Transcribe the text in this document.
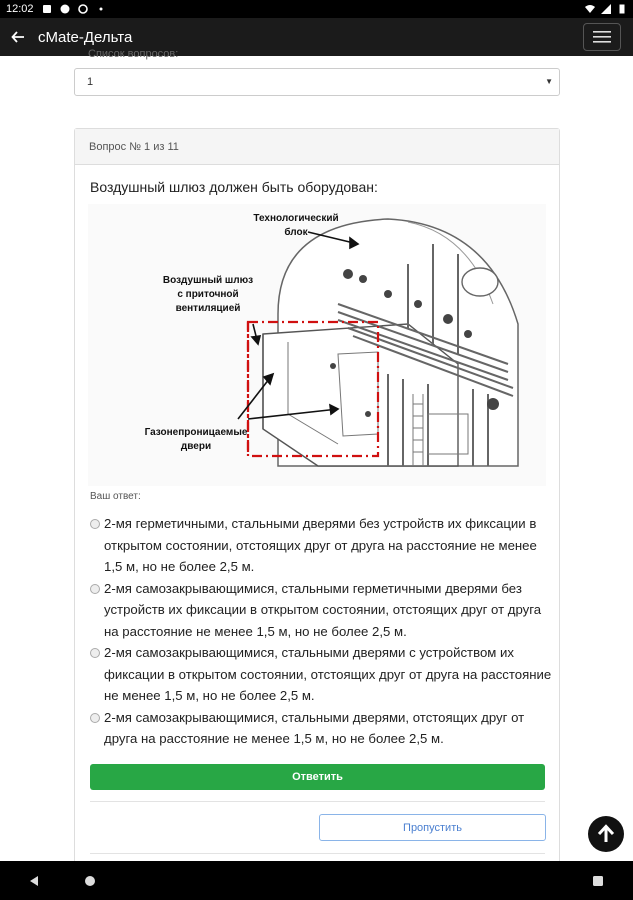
12:02
cMate-Дельта
Список вопросов:
1	▼
Вопрос № 1 из 11
Воздушный шлюз должен быть оборудован:
Технологический
блок
Воздушный шлюз
с приточной
вентиляцией
Газонепроницаемые
двери
Ваш ответ:
2-мя герметичными, стальными дверями без устройств их фиксации в открытом состоянии, отстоящих друг от друга на расстояние не менее 1,5 м, но не более 2,5 м.
2-мя самозакрывающимися, стальными герметичными дверями без устройств их фиксации в открытом состоянии, отстоящих друг от друга на расстояние не менее 1,5 м, но не более 2,5 м.
2-мя самозакрывающимися, стальными дверями с устройством их фиксации в открытом состоянии, отстоящих друг от друга на расстояние не менее 1,5 м, но не более 2,5 м.
2-мя самозакрывающимися, стальными дверями, отстоящих друг от друга на расстояние не менее 1,5 м, но не более 2,5 м.
Ответить
Пропустить
